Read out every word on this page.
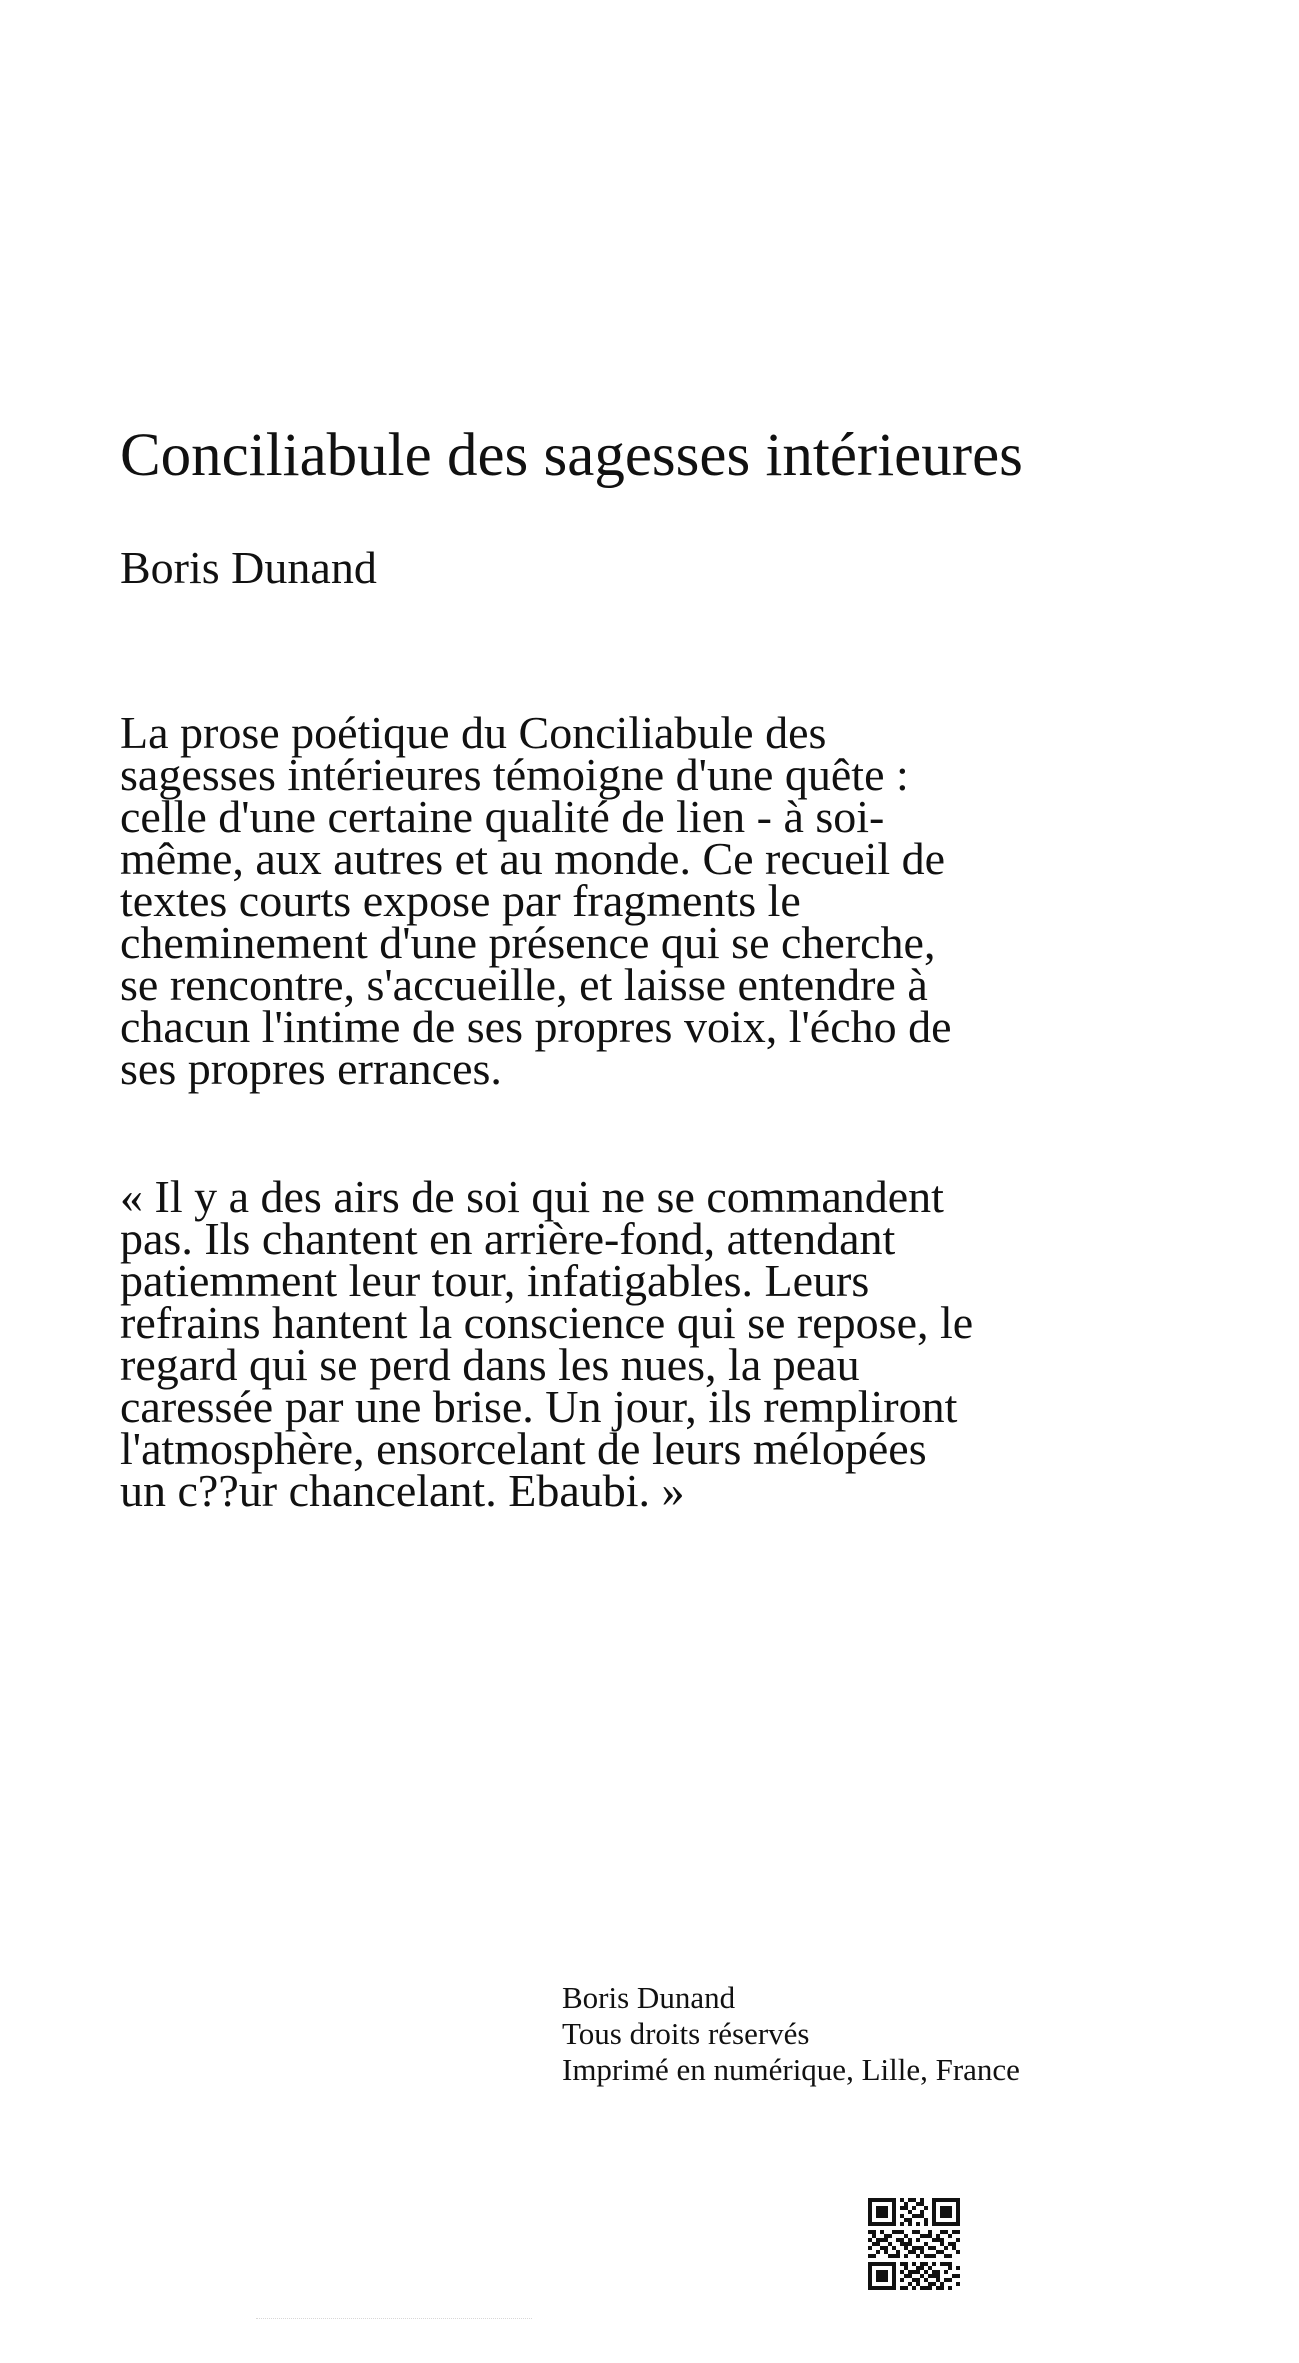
Conciliabule des sagesses intérieures

Boris Dunand

La prose poétique du Conciliabule des sagesses intérieures témoigne d'une quête : celle d'une certaine qualité de lien - à soi-même, aux autres et au monde. Ce recueil de textes courts expose par fragments le cheminement d'une présence qui se cherche, se rencontre, s'accueille, et laisse entendre à chacun l'intime de ses propres voix, l'écho de ses propres errances.

« Il y a des airs de soi qui ne se commandent pas. Ils chantent en arrière-fond, attendant patiemment leur tour, infatigables. Leurs refrains hantent la conscience qui se repose, le regard qui se perd dans les nues, la peau caressée par une brise. Un jour, ils rempliront l'atmosphère, ensorcelant de leurs mélopées un c??ur chancelant. Ebaubi. »

Boris Dunand
Tous droits réservés
Imprimé en numérique, Lille, France
